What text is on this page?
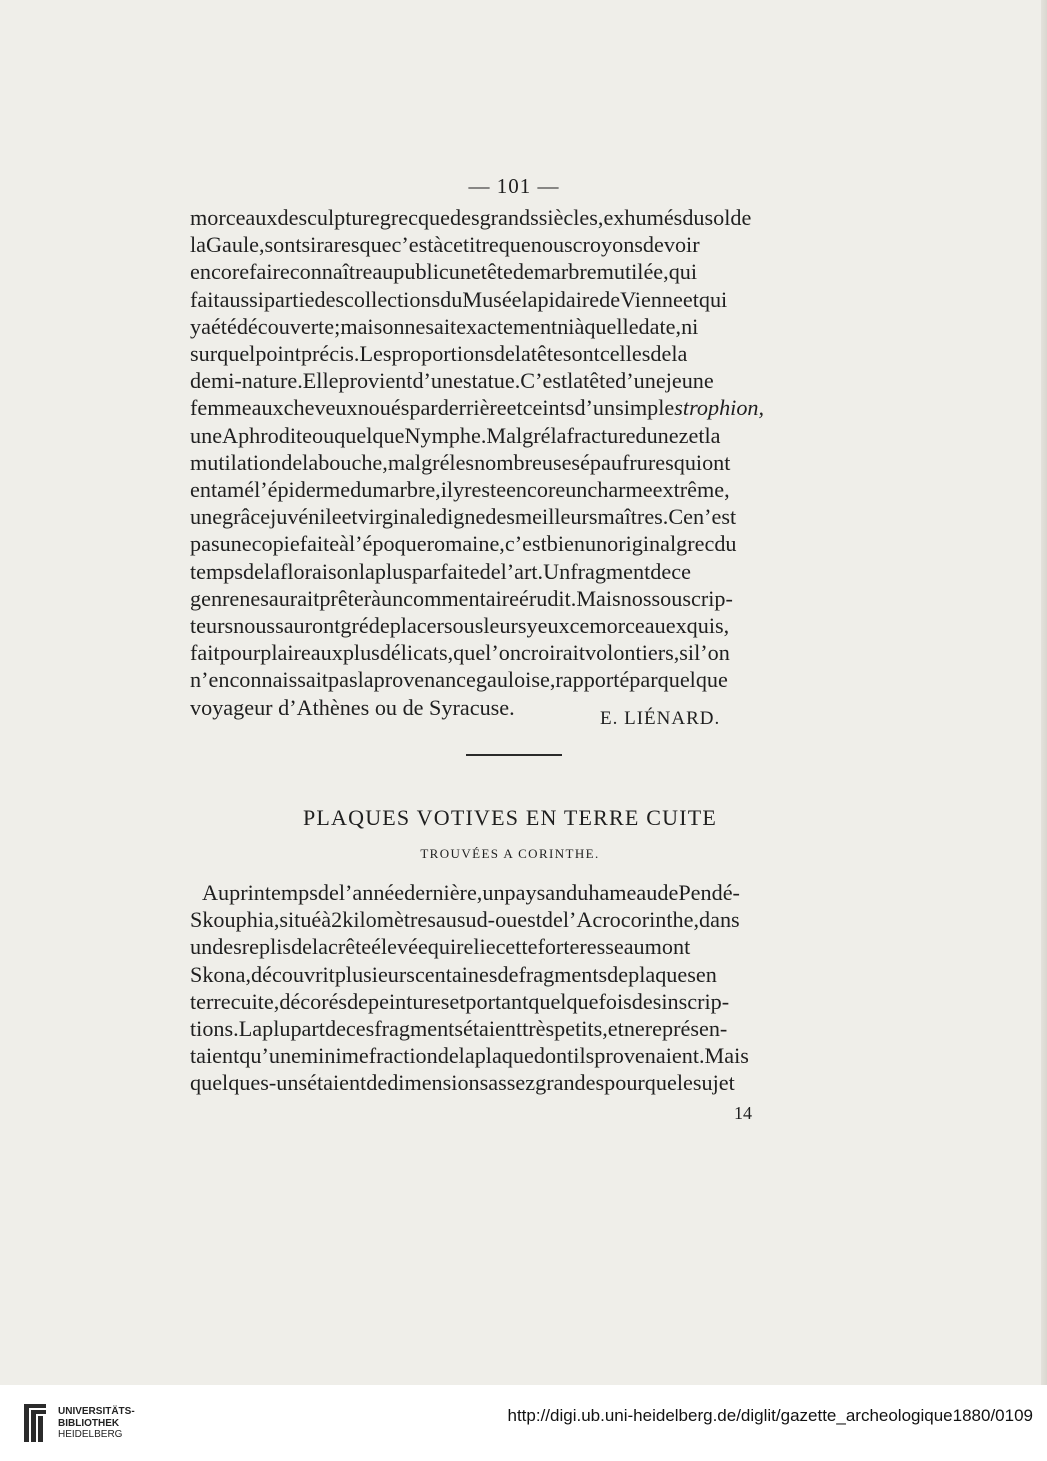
— 101 —
morceauxdesculpturegrecquedesgrandssiècles,exhumésdusolde
laGaule,sontsiraresquec’estàcetitrequenouscroyonsdevoir
encorefaireconnaîtreaupublicunetêtedemarbremutilée,qui
faitaussipartiedescollectionsduMuséelapidairedeVienneetqui
yaétédécouverte;maisonnesaitexactementniàquelledate,ni
surquelpointprécis.Lesproportionsdelatêtesontcellesdela
demi-nature.Elleprovientd’unestatue.C’estlatêted’unejeune
femmeauxcheveuxnouésparderrièreetceintsd’unsimplestrophion,
uneAphroditeouquelqueNymphe.Malgrélafracturedunezetla
mutilationdelabouche,malgrélesnombreusesépaufruresquiont
entamél’épidermedumarbre,ilyresteencoreuncharmeextrême,
unegrâcejuvénileetvirginaledignedesmeilleursmaîtres.Cen’est
pasunecopiefaiteàl’époqueromaine,c’estbienunoriginalgrecdu
tempsdelafloraisonlaplusparfaitedel’art.Unfragmentdece
genrenesauraitprêteràuncommentaireérudit.Maisnossouscrip-
teursnoussaurontgrédeplacersousleursyeuxcemorceauexquis,
faitpourplaireauxplusdélicats,quel’oncroiraitvolontiers,sil’on
n’enconnaissaitpaslaprovenancegauloise,rapportéparquelque
voyageur d’Athènes ou de Syracuse.	E. LIÉNARD.
PLAQUES VOTIVES EN TERRE CUITE
TROUVÉES A CORINTHE.
Auprintempsdel’annéedernière,unpaysanduhameaudePendé-
Skouphia,situéà2kilomètresausud-ouestdel’Acrocorinthe,dans
undesreplisdelacrêteélevéequireliecetteforteresseaumont
Skona,découvritplusieurscentainesdefragmentsdeplaquesen
terrecuite,décorésdepeinturesetportantquelquefoisdesinscrip-
tions.Laplupartdecesfragmentsétaienttrèspetits,etnereprésen-
taientqu’uneminimefractiondelaplaquedontilsprovenaient.Mais
quelques-unsétaientdedimensionsassezgrandespourquelesujet
14
UNIVERSITÄTS-
BIBLIOTHEK
HEIDELBERG
http://digi.ub.uni-heidelberg.de/diglit/gazette_archeologique1880/0109
